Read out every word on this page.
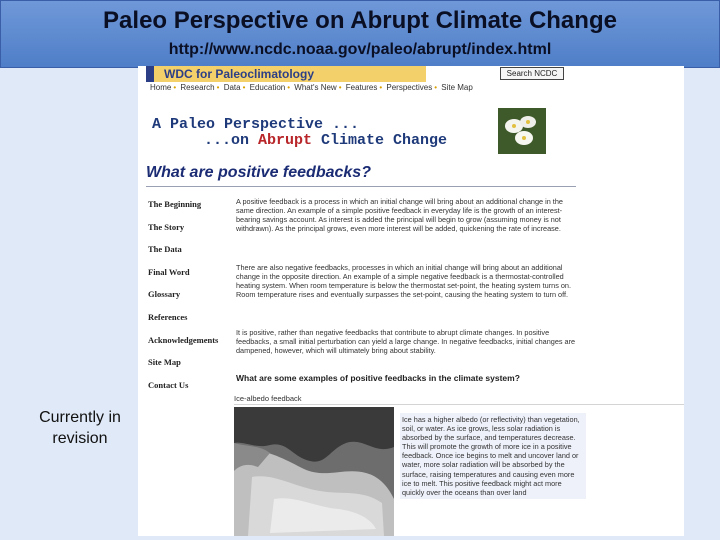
Paleo Perspective on Abrupt Climate Change
http://www.ncdc.noaa.gov/paleo/abrupt/index.html
Currently in revision
WDC for Paleoclimatology	Search NCDC
Home • Research • Data • Education • What's New • Features • Perspectives • Site Map
A Paleo Perspective ...
...on Abrupt Climate Change
What are positive feedbacks?
The Beginning
The Story
The Data
Final Word
Glossary
References
Acknowledgements
Site Map
Contact Us
A positive feedback is a process in which an initial change will bring about an additional change in the same direction. An example of a simple positive feedback in everyday life is the growth of an interest-bearing savings account. As interest is added the principal will begin to grow (assuming money is not withdrawn). As the principal grows, even more interest will be added, quickening the rate of increase.
There are also negative feedbacks, processes in which an initial change will bring about an additional change in the opposite direction. An example of a simple negative feedback is a thermostat-controlled heating system. When room temperature is below the thermostat set-point, the heating system turns on. Room temperature rises and eventually surpasses the set-point, causing the heating system to turn off.
It is positive, rather than negative feedbacks that contribute to abrupt climate changes. In positive feedbacks, a small initial perturbation can yield a large change. In negative feedbacks, initial changes are dampened, however, which will ultimately bring about stability.
What are some examples of positive feedbacks in the climate system?
Ice-albedo feedback
Ice has a higher albedo (or reflectivity) than vegetation, soil, or water. As ice grows, less solar radiation is absorbed by the surface, and temperatures decrease. This will promote the growth of more ice in a positive feedback. Once ice begins to melt and uncover land or water, more solar radiation will be absorbed by the surface, raising temperatures and causing even more ice to melt. This positive feedback might act more quickly over the oceans than over land
